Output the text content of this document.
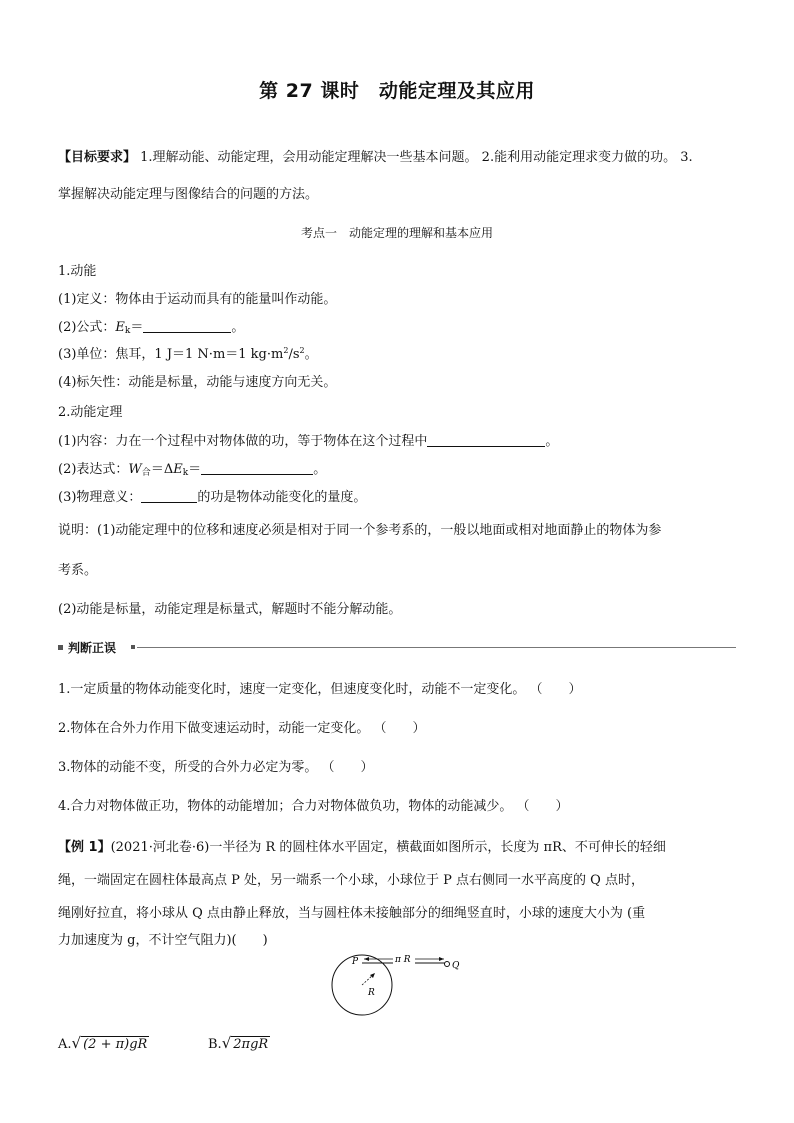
第 27 课时　动能定理及其应用
【目标要求】 1.理解动能、动能定理，会用动能定理解决一些基本问题。 2.能利用动能定理求变力做的功。 3.
掌握解决动能定理与图像结合的问题的方法。
考点一　动能定理的理解和基本应用
1.动能
(1)定义：物体由于运动而具有的能量叫作动能。
(2)公式：$E_k=$	。
(3)单位：焦耳，1 J＝1 N·m＝1 $kg\cdot m^2/s^2$。
(4)标矢性：动能是标量，动能与速度方向无关。
2.动能定理
(1)内容：力在一个过程中对物体做的功，等于物体在这个过程中	。
(2)表达式：$W_合=\Delta E_k=$	。
(3)物理意义：	的功是物体动能变化的量度。
说明：(1)动能定理中的位移和速度必须是相对于同一个参考系的，一般以地面或相对地面静止的物体为参
考系。
(2)动能是标量，动能定理是标量式，解题时不能分解动能。
判断正误
1.一定质量的物体动能变化时，速度一定变化，但速度变化时，动能不一定变化。 （　　）
2.物体在合外力作用下做变速运动时，动能一定变化。 （　　）
3.物体的动能不变，所受的合外力必定为零。 （　　）
4.合力对物体做正功，物体的动能增加；合力对物体做负功，物体的动能减少。 （　　）
【例 1】(2021·河北卷·6)一半径为 R 的圆柱体水平固定，横截面如图所示，长度为 πR、不可伸长的轻细
绳，一端固定在圆柱体最高点 P 处，另一端系一个小球，小球位于 P 点右侧同一水平高度的 Q 点时，
绳刚好拉直，将小球从 Q 点由静止释放，当与圆柱体未接触部分的细绳竖直时，小球的速度大小为 (重
力加速度为 g，不计空气阻力)(　　)
P	Q
π R
R
A.√ (2 + π)gR	B.√ 2πgR
